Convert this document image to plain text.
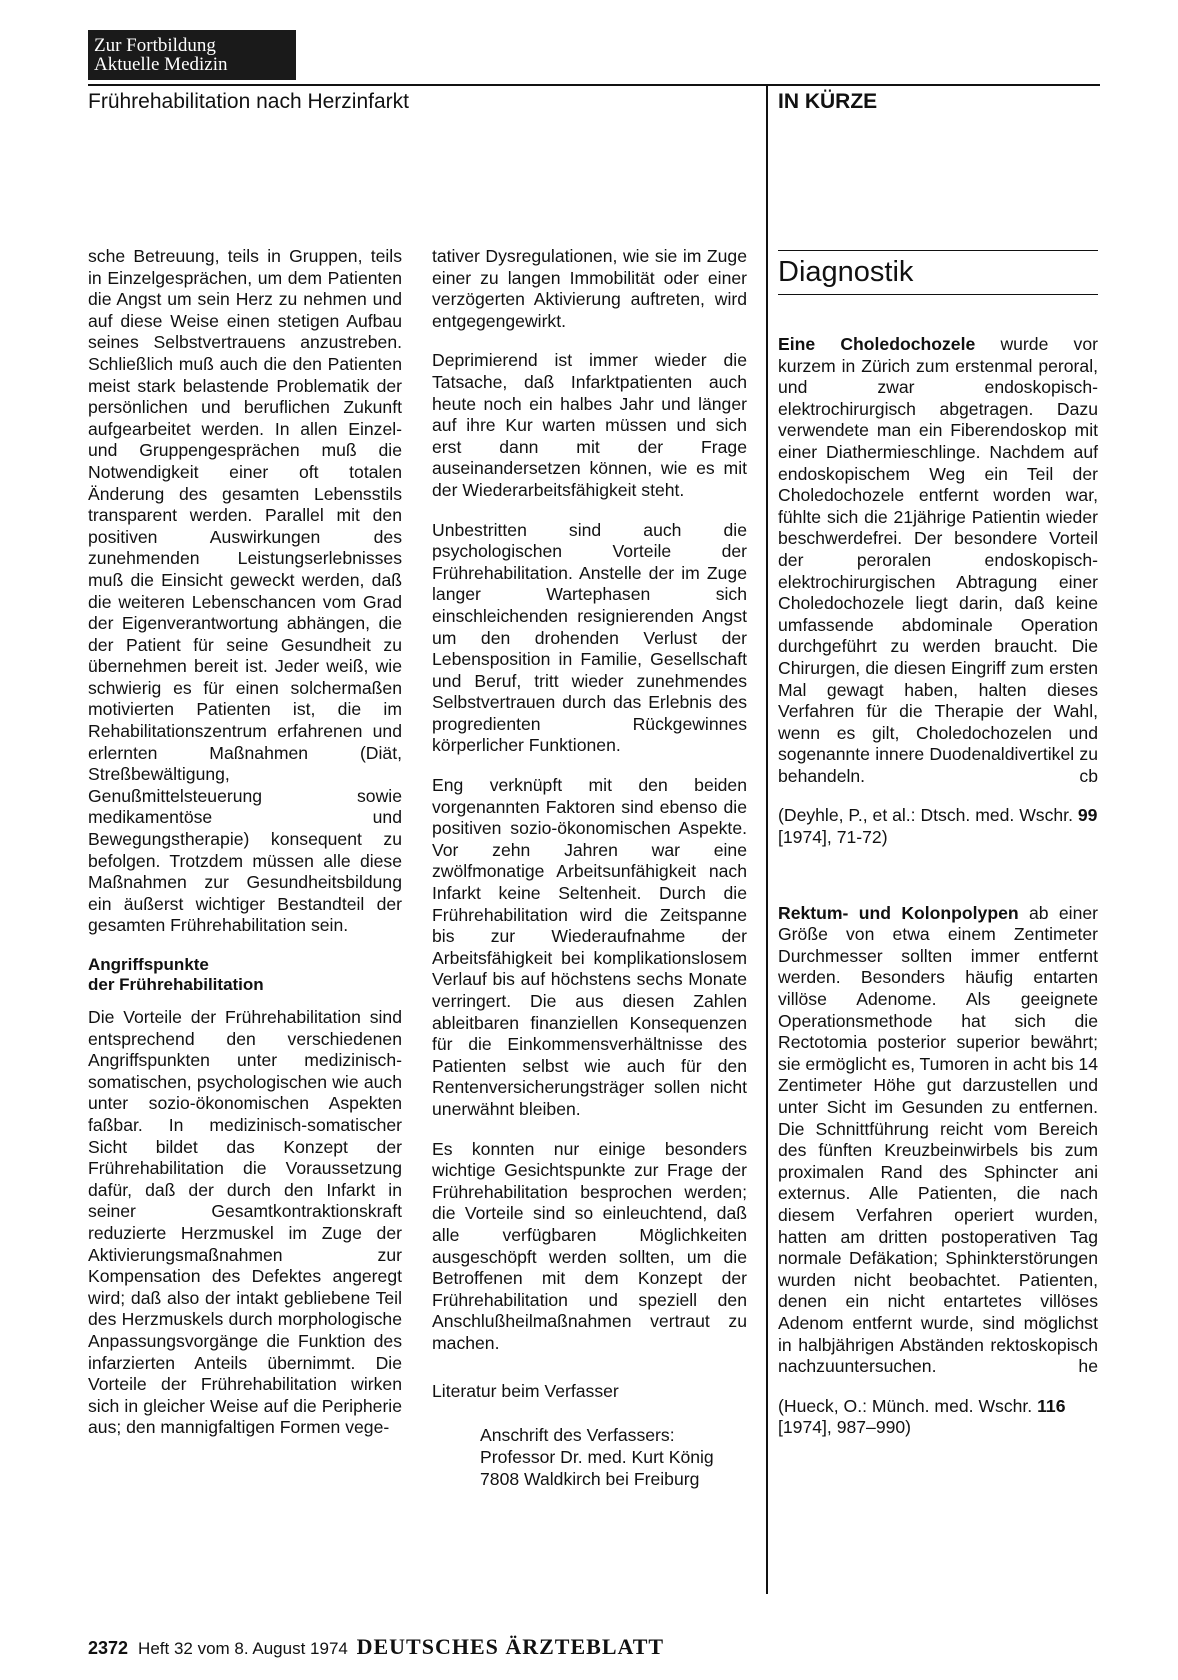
Zur Fortbildung
Aktuelle Medizin
Frührehabilitation nach Herzinfarkt	IN KÜRZE

sche Betreuung, teils in Gruppen, teils in Einzelgesprächen, um dem Patienten die Angst um sein Herz zu nehmen und auf diese Weise einen stetigen Aufbau seines Selbstvertrauens anzustreben. Schließlich muß auch die den Patienten meist stark belastende Problematik der persönlichen und beruflichen Zukunft aufgearbeitet werden. In allen Einzel- und Gruppengesprächen muß die Notwendigkeit einer oft totalen Änderung des gesamten Lebensstils transparent werden. Parallel mit den positiven Auswirkungen des zunehmenden Leistungserlebnisses muß die Einsicht geweckt werden, daß die weiteren Lebenschancen vom Grad der Eigenverantwortung abhängen, die der Patient für seine Gesundheit zu übernehmen bereit ist. Jeder weiß, wie schwierig es für einen solchermaßen motivierten Patienten ist, die im Rehabilitationszentrum erfahrenen und erlernten Maßnahmen (Diät, Streßbewältigung, Genußmittelsteuerung sowie medikamentöse und Bewegungstherapie) konsequent zu befolgen. Trotzdem müssen alle diese Maßnahmen zur Gesundheitsbildung ein äußerst wichtiger Bestandteil der gesamten Frührehabilitation sein.

Angriffspunkte
der Frührehabilitation

Die Vorteile der Frührehabilitation sind entsprechend den verschiedenen Angriffspunkten unter medizinisch-somatischen, psychologischen wie auch unter sozio-ökonomischen Aspekten faßbar. In medizinisch-somatischer Sicht bildet das Konzept der Frührehabilitation die Voraussetzung dafür, daß der durch den Infarkt in seiner Gesamtkontraktionskraft reduzierte Herzmuskel im Zuge der Aktivierungsmaßnahmen zur Kompensation des Defektes angeregt wird; daß also der intakt gebliebene Teil des Herzmuskels durch morphologische Anpassungsvorgänge die Funktion des infarzierten Anteils übernimmt. Die Vorteile der Frührehabilitation wirken sich in gleicher Weise auf die Peripherie aus; den mannigfaltigen Formen vege-

tativer Dysregulationen, wie sie im Zuge einer zu langen Immobilität oder einer verzögerten Aktivierung auftreten, wird entgegengewirkt.

Deprimierend ist immer wieder die Tatsache, daß Infarktpatienten auch heute noch ein halbes Jahr und länger auf ihre Kur warten müssen und sich erst dann mit der Frage auseinandersetzen können, wie es mit der Wiederarbeitsfähigkeit steht.

Unbestritten sind auch die psychologischen Vorteile der Frührehabilitation. Anstelle der im Zuge langer Wartephasen sich einschleichenden resignierenden Angst um den drohenden Verlust der Lebensposition in Familie, Gesellschaft und Beruf, tritt wieder zunehmendes Selbstvertrauen durch das Erlebnis des progredienten Rückgewinnes körperlicher Funktionen.

Eng verknüpft mit den beiden vorgenannten Faktoren sind ebenso die positiven sozio-ökonomischen Aspekte. Vor zehn Jahren war eine zwölfmonatige Arbeitsunfähigkeit nach Infarkt keine Seltenheit. Durch die Frührehabilitation wird die Zeitspanne bis zur Wiederaufnahme der Arbeitsfähigkeit bei komplikationslosem Verlauf bis auf höchstens sechs Monate verringert. Die aus diesen Zahlen ableitbaren finanziellen Konsequenzen für die Einkommensverhältnisse des Patienten selbst wie auch für den Rentenversicherungsträger sollen nicht unerwähnt bleiben.

Es konnten nur einige besonders wichtige Gesichtspunkte zur Frage der Frührehabilitation besprochen werden; die Vorteile sind so einleuchtend, daß alle verfügbaren Möglichkeiten ausgeschöpft werden sollten, um die Betroffenen mit dem Konzept der Frührehabilitation und speziell den Anschlußheilmaßnahmen vertraut zu machen.

Literatur beim Verfasser

Anschrift des Verfassers:
Professor Dr. med. Kurt König
7808 Waldkirch bei Freiburg
Diagnostik

Eine Choledochozele wurde vor kurzem in Zürich zum erstenmal peroral, und zwar endoskopisch-elektrochirurgisch abgetragen. Dazu verwendete man ein Fiberendoskop mit einer Diathermieschlinge. Nachdem auf endoskopischem Weg ein Teil der Choledochozele entfernt worden war, fühlte sich die 21jährige Patientin wieder beschwerdefrei. Der besondere Vorteil der peroralen endoskopisch-elektrochirurgischen Abtragung einer Choledochozele liegt darin, daß keine umfassende abdominale Operation durchgeführt zu werden braucht. Die Chirurgen, die diesen Eingriff zum ersten Mal gewagt haben, halten dieses Verfahren für die Therapie der Wahl, wenn es gilt, Choledochozelen und sogenannte innere Duodenaldivertikel zu behandeln.	cb

(Deyhle, P., et al.: Dtsch. med. Wschr. 99 [1974], 71-72)

Rektum- und Kolonpolypen ab einer Größe von etwa einem Zentimeter Durchmesser sollten immer entfernt werden. Besonders häufig entarten villöse Adenome. Als geeignete Operationsmethode hat sich die Rectotomia posterior superior bewährt; sie ermöglicht es, Tumoren in acht bis 14 Zentimeter Höhe gut darzustellen und unter Sicht im Gesunden zu entfernen. Die Schnittführung reicht vom Bereich des fünften Kreuzbeinwirbels bis zum proximalen Rand des Sphincter ani externus. Alle Patienten, die nach diesem Verfahren operiert wurden, hatten am dritten postoperativen Tag normale Defäkation; Sphinkterstörungen wurden nicht beobachtet. Patienten, denen ein nicht entartetes villöses Adenom entfernt wurde, sind möglichst in halbjährigen Abständen rektoskopisch nachzuuntersuchen.	he

(Hueck, O.: Münch. med. Wschr. 116 [1974], 987–990)

2372 Heft 32 vom 8. August 1974 DEUTSCHES ÄRZTEBLATT
